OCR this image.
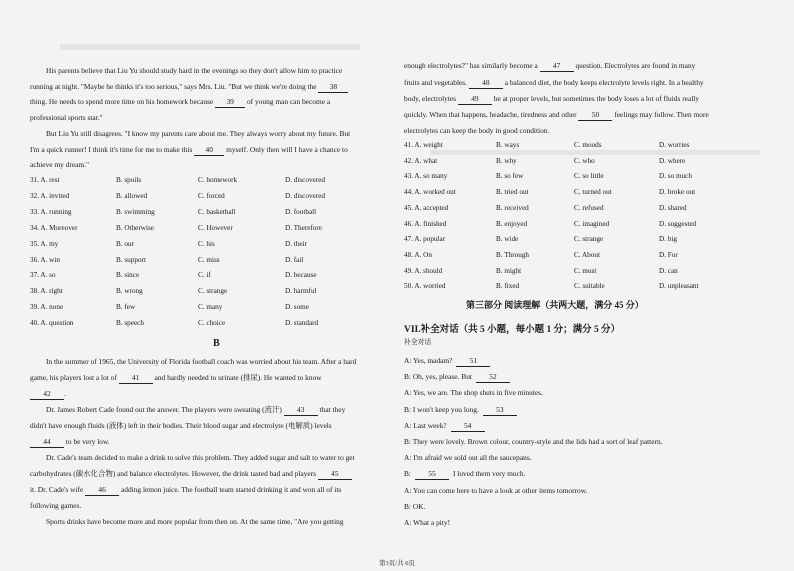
His parents believe that Liu Yu should study hard in the evenings so they don't allow him to practice
running at night. "Maybe he thinks it's too serious," says Mrs. Liu. "But we think we're doing the 38
thing. He needs to spend more time on his homework because 39 of young man can become a
professional sports star."
But Liu Yu still disagrees. "I know my parents care about me. They always worry about my future. But
I'm a quick runner! I think it's time for me to make this 40 myself. Only then will I have a chance to
achieve my dream."
31. A. rest	B. spoils	C. homework	D. discovered
32. A. invited	B. allowed	C. forced	D. discovered
33. A. running	B. swimming	C. basketball	D. football
34. A. Moreover	B. Otherwise	C. However	D. Therefore
35. A. my	B. our	C. his	D. their
36. A. win	B. support	C. miss	D. fail
37. A. so	B. since	C. if	D. because
38. A. right	B. wrong	C. strange	D. harmful
39. A. none	B. few	C. many	D. some
40. A. question	B. speech	C. choice	D. standard
B
In the summer of 1965, the University of Florida football coach was worried about his team. After a hard
game, his players lost a lot of 41 and hardly needed to urinate (排尿). He wanted to know
42 .
Dr. James Robert Cade found out the answer. The players were sweating (流汗) 43 that they
didn't have enough fluids (液体) left in their bodies. Their blood sugar and electrolyte (电解质) levels
44 to be very low.
Dr. Cade's team decided to make a drink to solve this problem. They added sugar and salt to water to get
carbohydrates (碳水化合物) and balance electrolytes. However, the drink tasted bad and players 45
it. Dr. Cade's wife 46 adding lemon juice. The football team started drinking it and won all of its
following games.
Sports drinks have become more and more popular from then on. At the same time, "Are you getting
enough electrolytes?" has similarly become a 47 question. Electrolytes are found in many
fruits and vegetables. 48 a balanced diet, the body keeps electrolyte levels right. In a healthy
body, electrolytes 49 be at proper levels, but sometimes the body loses a lot of fluids really
quickly. When that happens, headache, tiredness and other 50 feelings may follow. Then more
electrolytes can keep the body in good condition.
41. A. weight	B. ways	C. moods	D. worries
42. A. what	B. why	C. who	D. where
43. A. so many	B. so few	C. so little	D. so much
44. A. worked out	B. tried out	C. turned out	D. broke out
45. A. accepted	B. received	C. refused	D. shared
46. A. finished	B. enjoyed	C. imagined	D. suggested
47. A. popular	B. wide	C. strange	D. big
48. A. On	B. Through	C. About	D. For
49. A. should	B. might	C. must	D. can
50. A. worried	B. fixed	C. suitable	D. unpleasant
第三部分 阅读理解（共两大题，满分 45 分）
VII.补全对话（共 5 小题，每小题 1 分；满分 5 分）
补全对话
A: Yes, madam? 51
B: Oh, yes, please. But 52
A: Yes, we are. The shop shuts in five minutes.
B: I won't keep you long. 53
A: Last week? 54
B: They were lovely. Brown colour, country-style and the lids had a sort of leaf pattern.
A: I'm afraid we sold out all the saucepans.
B: 55 I loved them very much.
A: You can come here to have a look at other items tomorrow.
B: OK.
A: What a pity!
第3页/共 6页
